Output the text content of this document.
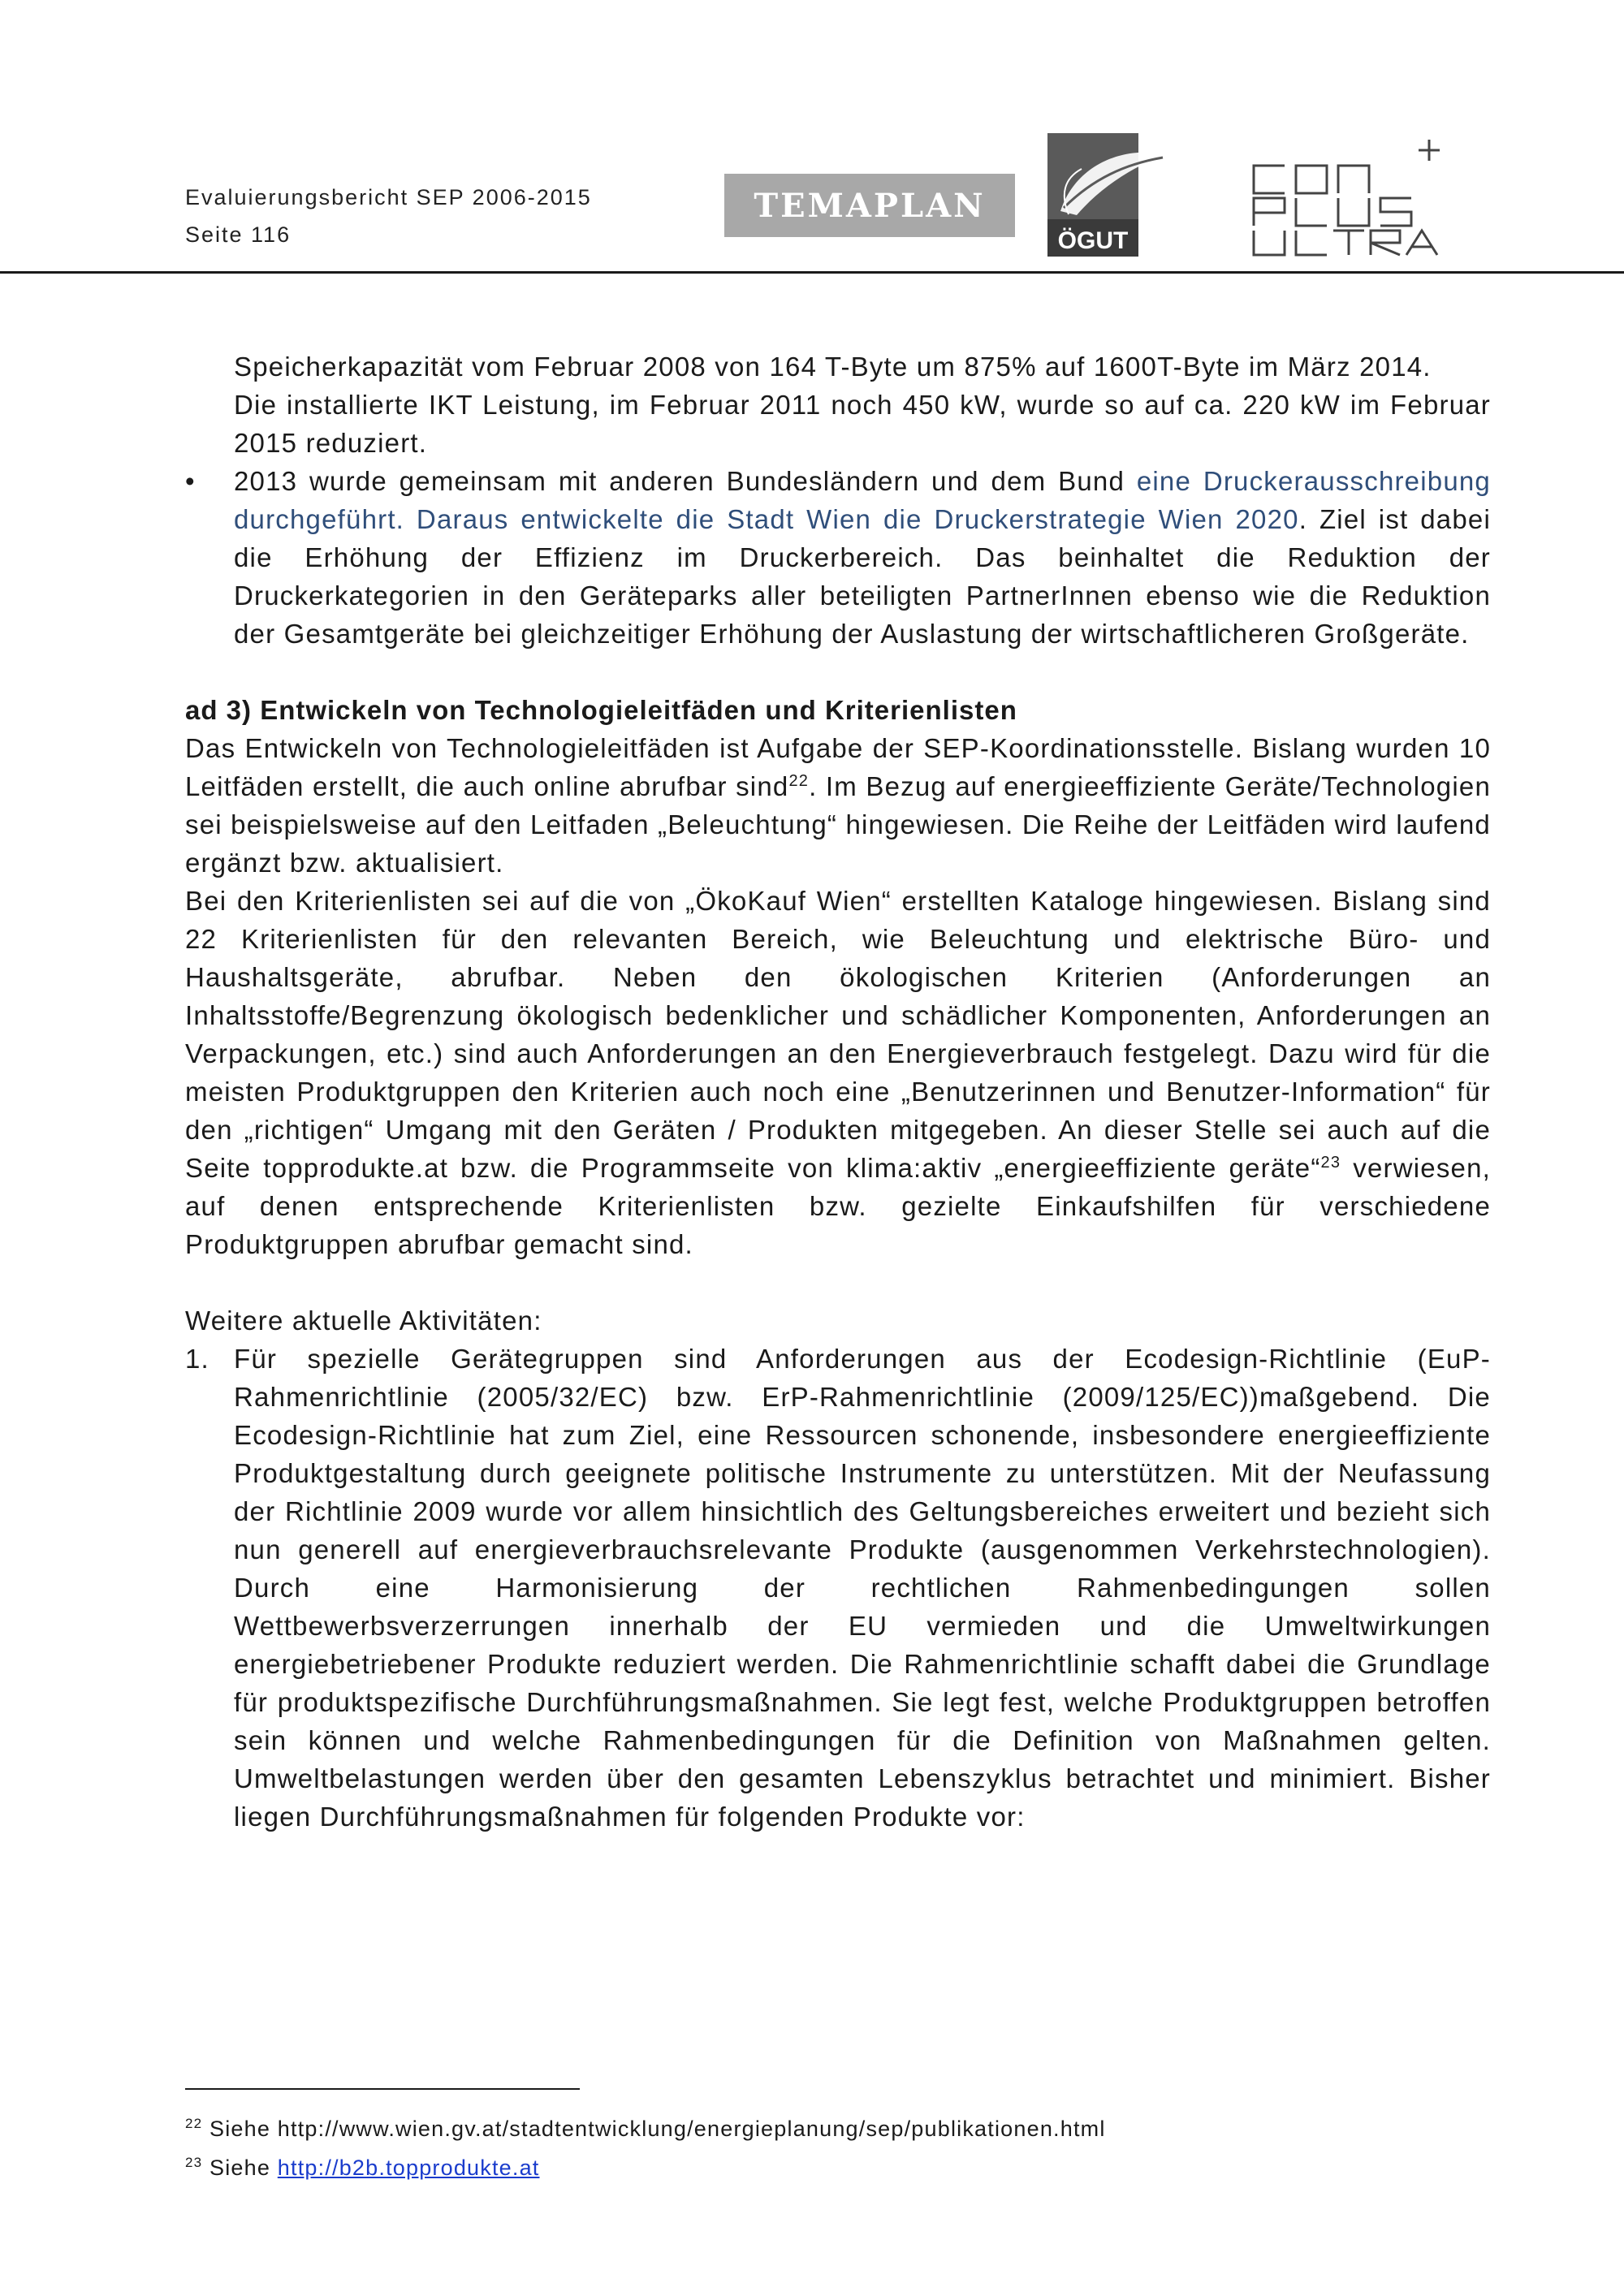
Evaluierungsbericht SEP 2006-2015
Seite 116
TEMAPLAN
ÖGUT

Speicherkapazität vom Februar 2008 von 164 T-Byte um 875% auf 1600T-Byte im März 2014.

Die installierte IKT Leistung, im Februar 2011 noch 450 kW, wurde so auf ca. 220 kW im Februar 2015 reduziert.

• 2013 wurde gemeinsam mit anderen Bundesländern und dem Bund eine Druckerausschreibung durchgeführt. Daraus entwickelte die Stadt Wien die Druckerstrategie Wien 2020. Ziel ist dabei die Erhöhung der Effizienz im Druckerbereich. Das beinhaltet die Reduktion der Druckerkategorien in den Geräteparks aller beteiligten PartnerInnen ebenso wie die Reduktion der Gesamtgeräte bei gleichzeitiger Erhöhung der Auslastung der wirtschaftlicheren Großgeräte.

ad 3) Entwickeln von Technologieleitfäden und Kriterienlisten

Das Entwickeln von Technologieleitfäden ist Aufgabe der SEP-Koordinationsstelle. Bislang wurden 10 Leitfäden erstellt, die auch online abrufbar sind$^{22}$. Im Bezug auf energieeffiziente Geräte/Technologien sei beispielsweise auf den Leitfaden „Beleuchtung“ hingewiesen. Die Reihe der Leitfäden wird laufend ergänzt bzw. aktualisiert.

Bei den Kriterienlisten sei auf die von „ÖkoKauf Wien“ erstellten Kataloge hingewiesen. Bislang sind 22 Kriterienlisten für den relevanten Bereich, wie Beleuchtung und elektrische Büro- und Haushaltsgeräte, abrufbar. Neben den ökologischen Kriterien (Anforderungen an Inhaltsstoffe/Begrenzung ökologisch bedenklicher und schädlicher Komponenten, Anforderungen an Verpackungen, etc.) sind auch Anforderungen an den Energieverbrauch festgelegt. Dazu wird für die meisten Produktgruppen den Kriterien auch noch eine „Benutzerinnen und Benutzer-Information“ für den „richtigen“ Umgang mit den Geräten / Produkten mitgegeben. An dieser Stelle sei auch auf die Seite topprodukte.at bzw. die Programmseite von klima:aktiv „energieeffiziente geräte“$^{23}$ verwiesen, auf denen entsprechende Kriterienlisten bzw. gezielte Einkaufshilfen für verschiedene Produktgruppen abrufbar gemacht sind.

Weitere aktuelle Aktivitäten:

1. Für spezielle Gerätegruppen sind Anforderungen aus der Ecodesign-Richtlinie (EuP-Rahmenrichtlinie (2005/32/EC) bzw. ErP-Rahmenrichtlinie (2009/125/EC))maßgebend. Die Ecodesign-Richtlinie hat zum Ziel, eine Ressourcen schonende, insbesondere energieeffiziente Produktgestaltung durch geeignete politische Instrumente zu unterstützen. Mit der Neufassung der Richtlinie 2009 wurde vor allem hinsichtlich des Geltungsbereiches erweitert und bezieht sich nun generell auf energieverbrauchsrelevante Produkte (ausgenommen Verkehrstechnologien). Durch eine Harmonisierung der rechtlichen Rahmenbedingungen sollen Wettbewerbsverzerrungen innerhalb der EU vermieden und die Umweltwirkungen energiebetriebener Produkte reduziert werden. Die Rahmenrichtlinie schafft dabei die Grundlage für produktspezifische Durchführungsmaßnahmen. Sie legt fest, welche Produktgruppen betroffen sein können und welche Rahmenbedingungen für die Definition von Maßnahmen gelten. Umweltbelastungen werden über den gesamten Lebenszyklus betrachtet und minimiert. Bisher liegen Durchführungsmaßnahmen für folgenden Produkte vor:

$^{22}$ Siehe http://www.wien.gv.at/stadtentwicklung/energieplanung/sep/publikationen.html

$^{23}$ Siehe http://b2b.topprodukte.at
